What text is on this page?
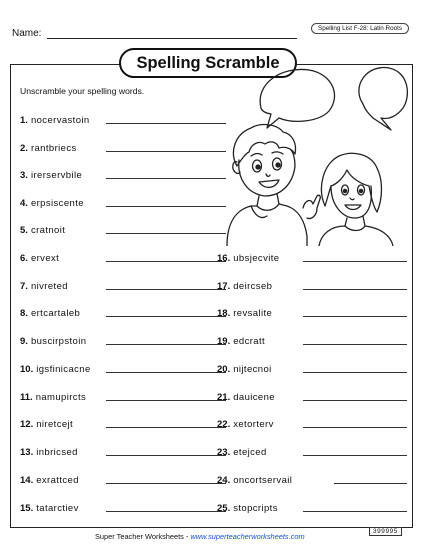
Name:	Spelling List F-28: Latin Roots
Spelling Scramble
Unscramble your spelling words.
1. nocervastoin
2. rantbriecs
3. irerservbile
4. erpsiscente
5. cratnoit
6. ervext
7. nivreted
8. ertcartaleb
9. buscirpstoin
10. igsfinicacne
11. namupircts
12. niretcejt
13. inbricsed
14. exrattced
15. tatarctiev
16. ubsjecvite
17. deircseb
18. revsalite
19. edcratt
20. nijtecnoi
21. dauicene
22. xetorterv
23. etejced
24. oncortservail
25. stopcripts
Super Teacher Worksheets - www.superteacherworksheets.com
399995
